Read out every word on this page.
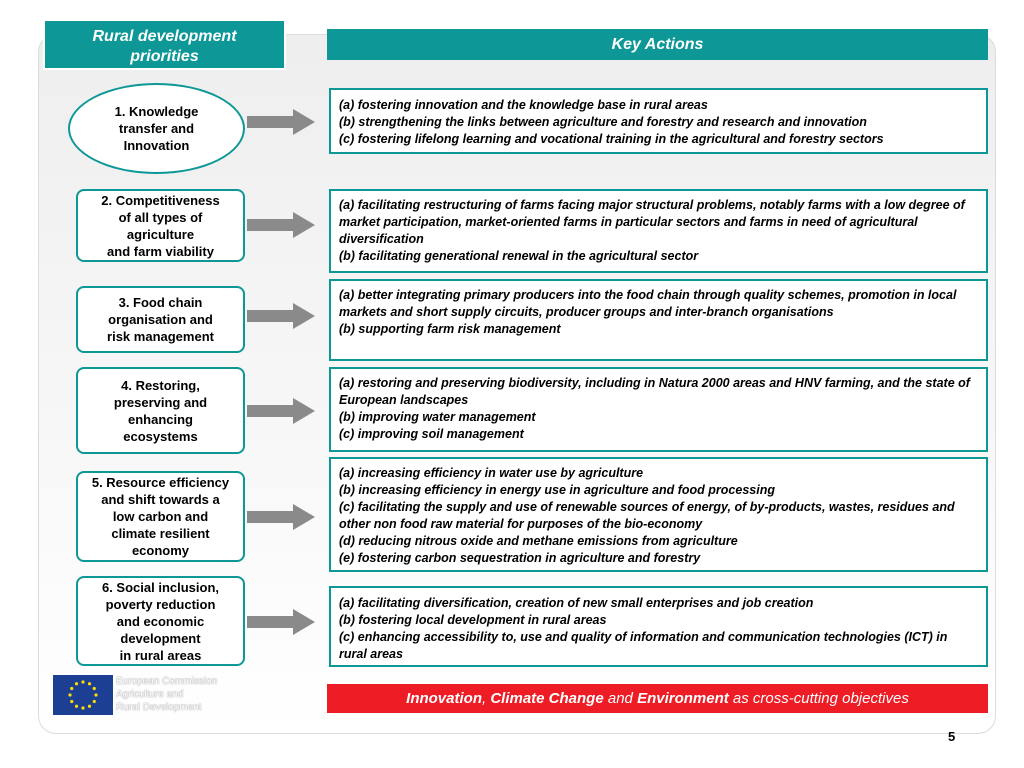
Rural development
priorities
Key Actions
1. Knowledge
transfer and
Innovation
2. Competitiveness
of all types of
agriculture
and farm viability
3. Food chain
organisation and
risk management
4. Restoring,
preserving and
enhancing
ecosystems
5. Resource efficiency
and shift towards a
low carbon and
climate resilient
economy
6. Social inclusion,
poverty reduction
and economic
development
in rural areas
(a) fostering innovation and the knowledge base in rural areas
(b) strengthening the links between agriculture and forestry and research and innovation
(c) fostering lifelong learning and vocational training in the agricultural and forestry sectors
(a) facilitating restructuring of farms facing major structural problems, notably farms with a low degree of market participation, market-oriented farms in particular sectors and farms in need of agricultural diversification
(b) facilitating generational renewal in the agricultural sector
(a) better integrating primary producers into the food chain through quality schemes, promotion in local markets and short supply circuits, producer groups and inter-branch organisations
(b) supporting farm risk management
(a) restoring and preserving biodiversity, including in Natura 2000 areas and HNV farming, and the state of European landscapes
(b) improving water management
(c) improving soil management
(a) increasing efficiency in water use by agriculture
(b) increasing efficiency in energy use in agriculture and food processing
(c) facilitating the supply and use of renewable sources of energy, of by-products, wastes, residues and other non food raw material for purposes of the bio-economy
(d) reducing nitrous oxide and methane emissions from agriculture
(e) fostering carbon sequestration in agriculture and forestry
(a) facilitating diversification, creation of new small enterprises and job creation
(b) fostering local development in rural areas
(c) enhancing accessibility to, use and quality of information and communication technologies (ICT) in rural areas
Innovation, Climate Change and Environment as cross-cutting objectives
European Commission
Agriculture and
Rural Development
5
